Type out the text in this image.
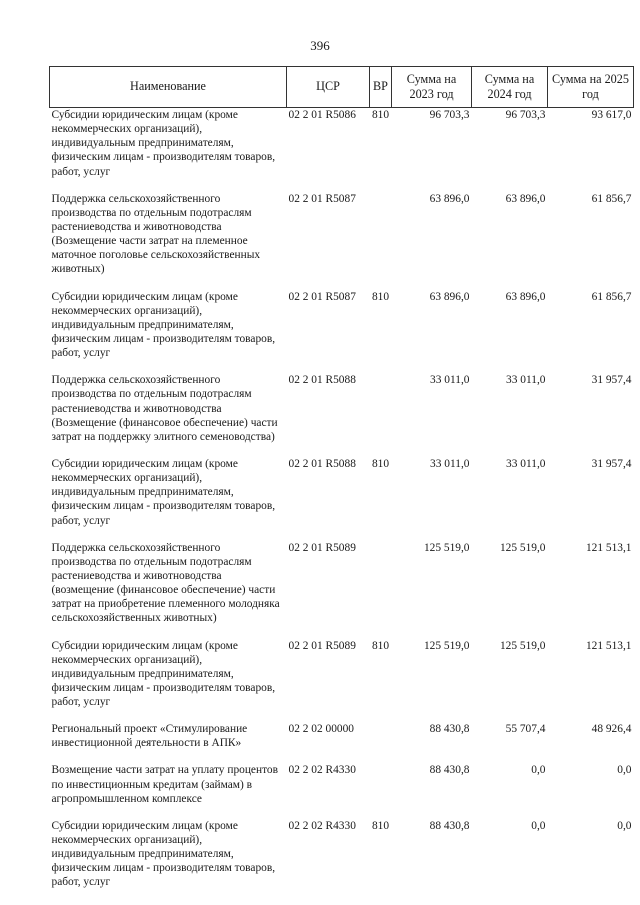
396
Наименование	ЦСР	ВР	Сумма на 2023 год	Сумма на 2024 год	Сумма на 2025 год
Субсидии юридическим лицам (кроме некоммерческих организаций), индивидуальным предпринимателям, физическим лицам - производителям товаров, работ, услуг	02 2 01 R5086	810	96 703,3	96 703,3	93 617,0
Поддержка сельскохозяйственного производства по отдельным подотраслям растениеводства и животноводства (Возмещение части затрат на племенное маточное поголовье сельскохозяйственных животных)	02 2 01 R5087		63 896,0	63 896,0	61 856,7
Субсидии юридическим лицам (кроме некоммерческих организаций), индивидуальным предпринимателям, физическим лицам - производителям товаров, работ, услуг	02 2 01 R5087	810	63 896,0	63 896,0	61 856,7
Поддержка сельскохозяйственного производства по отдельным подотраслям растениеводства и животноводства (Возмещение (финансовое обеспечение) части затрат на поддержку элитного семеноводства)	02 2 01 R5088		33 011,0	33 011,0	31 957,4
Субсидии юридическим лицам (кроме некоммерческих организаций), индивидуальным предпринимателям, физическим лицам - производителям товаров, работ, услуг	02 2 01 R5088	810	33 011,0	33 011,0	31 957,4
Поддержка сельскохозяйственного производства по отдельным подотраслям растениеводства и животноводства (возмещение (финансовое обеспечение) части затрат на приобретение племенного молодняка сельскохозяйственных животных)	02 2 01 R5089		125 519,0	125 519,0	121 513,1
Субсидии юридическим лицам (кроме некоммерческих организаций), индивидуальным предпринимателям, физическим лицам - производителям товаров, работ, услуг	02 2 01 R5089	810	125 519,0	125 519,0	121 513,1
Региональный проект «Стимулирование инвестиционной деятельности в АПК»	02 2 02 00000		88 430,8	55 707,4	48 926,4
Возмещение части затрат на уплату процентов по инвестиционным кредитам (займам) в агропромышленном комплексе	02 2 02 R4330		88 430,8	0,0	0,0
Субсидии юридическим лицам (кроме некоммерческих организаций), индивидуальным предпринимателям, физическим лицам - производителям товаров, работ, услуг	02 2 02 R4330	810	88 430,8	0,0	0,0
